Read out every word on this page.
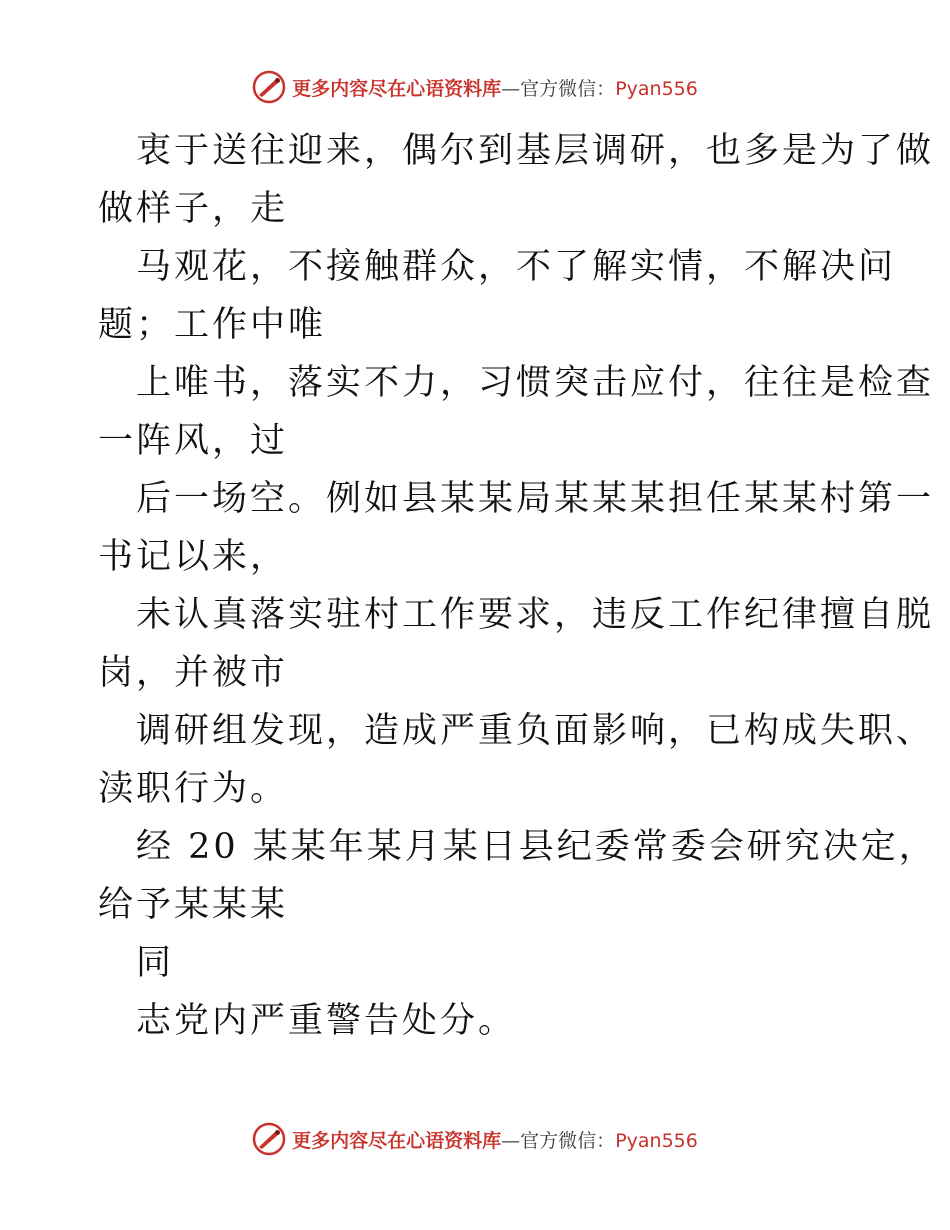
更多内容尽在心语资料库—官方微信：Pyan556
衷于送往迎来，偶尔到基层调研，也多是为了做
做样子，走
马观花，不接触群众，不了解实情，不解决问
题；工作中唯
上唯书，落实不力，习惯突击应付，往往是检查
一阵风，过
后一场空。例如县某某局某某某担任某某村第一
书记以来，
未认真落实驻村工作要求，违反工作纪律擅自脱
岗，并被市
调研组发现，造成严重负面影响，已构成失职、
渎职行为。
经 20 某某年某月某日县纪委常委会研究决定，
给予某某某
同
志党内严重警告处分。
更多内容尽在心语资料库—官方微信：Pyan556
